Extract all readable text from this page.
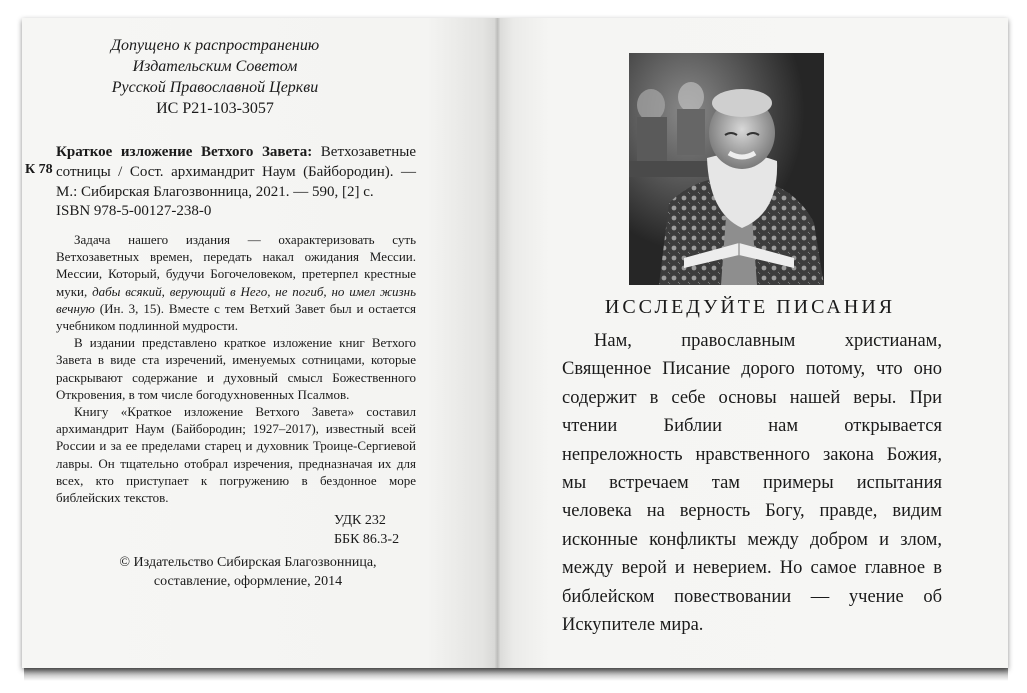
Допущено к распространению
Издательским Советом
Русской Православной Церкви
ИС Р21-103-3057
К 78
Краткое изложение Ветхого Завета: Ветхозаветные сотницы / Сост. архимандрит Наум (Байбородин). — М.: Сибирская Благозвонница, 2021. — 590, [2] с.
ISBN 978-5-00127-238-0

Задача нашего издания — охарактеризовать суть Ветхозаветных времен, передать накал ожидания Мессии. Мессии, Который, будучи Богочеловеком, претерпел крестные муки, дабы всякий, верующий в Него, не погиб, но имел жизнь вечную (Ин. 3, 15). Вместе с тем Ветхий Завет был и остается учебником подлинной мудрости.

В издании представлено краткое изложение книг Ветхого Завета в виде ста изречений, именуемых сотницами, которые раскрывают содержание и духовный смысл Божественного Откровения, в том числе богодухновенных Псалмов.

Книгу «Краткое изложение Ветхого Завета» составил архимандрит Наум (Байбородин; 1927–2017), известный всей России и за ее пределами старец и духовник Троице-Сергиевой лавры. Он тщательно отобрал изречения, предназначая их для всех, кто приступает к погружению в бездонное море библейских текстов.

УДК 232
ББК 86.3-2
© Издательство Сибирская Благозвонница,
составление, оформление, 2014
ИССЛЕДУЙТЕ ПИСАНИЯ
Нам, православным христианам, Священное Писание дорого потому, что оно содержит в себе основы нашей веры. При чтении Библии нам открывается непреложность нравственного закона Божия, мы встречаем там примеры испытания человека на верность Богу, правде, видим исконные конфликты между добром и злом, между верой и неверием. Но самое главное в библейском повествовании — учение об Искупителе мира.
